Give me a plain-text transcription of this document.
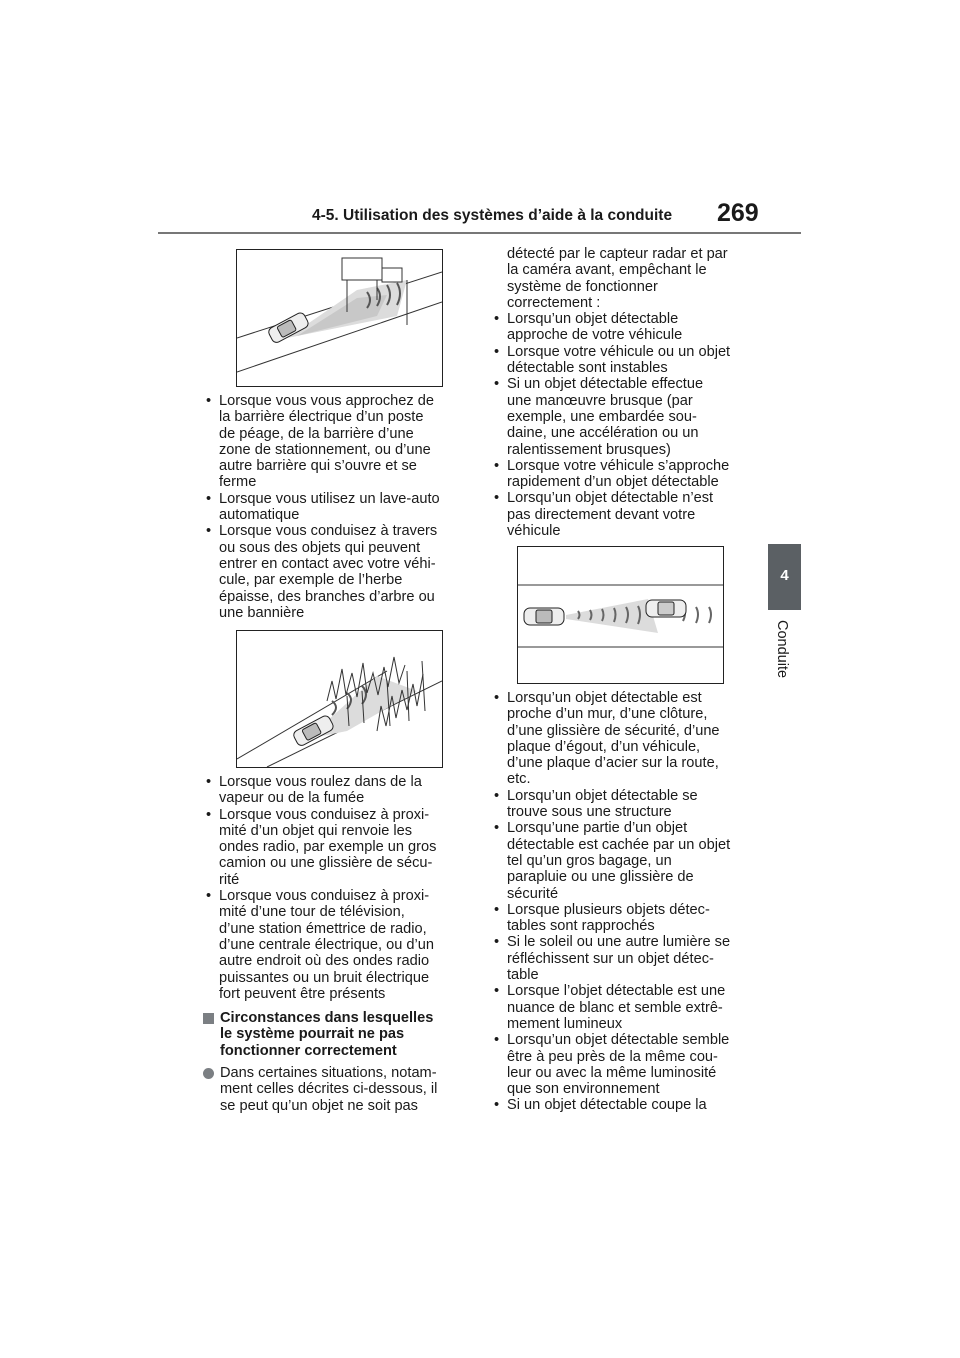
4-5. Utilisation des systèmes d’aide à la conduite 269
4
Conduite
• Lorsque vous vous approchez de
la barrière électrique d’un poste
de péage, de la barrière d’une
zone de stationnement, ou d’une
autre barrière qui s’ouvre et se
ferme
• Lorsque vous utilisez un lave-auto
automatique
• Lorsque vous conduisez à travers
ou sous des objets qui peuvent
entrer en contact avec votre véhi-
cule, par exemple de l’herbe
épaisse, des branches d’arbre ou
une bannière
• Lorsque vous roulez dans de la
vapeur ou de la fumée
• Lorsque vous conduisez à proxi-
mité d’un objet qui renvoie les
ondes radio, par exemple un gros
camion ou une glissière de sécu-
rité
• Lorsque vous conduisez à proxi-
mité d’une tour de télévision,
d’une station émettrice de radio,
d’une centrale électrique, ou d’un
autre endroit où des ondes radio
puissantes ou un bruit électrique
fort peuvent être présents
Circonstances dans lesquelles
le système pourrait ne pas
fonctionner correctement
Dans certaines situations, notam-
ment celles décrites ci-dessous, il
se peut qu’un objet ne soit pas
détecté par le capteur radar et par
la caméra avant, empêchant le
système de fonctionner
correctement :
• Lorsqu’un objet détectable
approche de votre véhicule
• Lorsque votre véhicule ou un objet
détectable sont instables
• Si un objet détectable effectue
une manœuvre brusque (par
exemple, une embardée sou-
daine, une accélération ou un
ralentissement brusques)
• Lorsque votre véhicule s’approche
rapidement d’un objet détectable
• Lorsqu’un objet détectable n’est
pas directement devant votre
véhicule
• Lorsqu’un objet détectable est
proche d’un mur, d’une clôture,
d’une glissière de sécurité, d’une
plaque d’égout, d’un véhicule,
d’une plaque d’acier sur la route,
etc.
• Lorsqu’un objet détectable se
trouve sous une structure
• Lorsqu’une partie d’un objet
détectable est cachée par un objet
tel qu’un gros bagage, un
parapluie ou une glissière de
sécurité
• Lorsque plusieurs objets détec-
tables sont rapprochés
• Si le soleil ou une autre lumière se
réfléchissent sur un objet détec-
table
• Lorsque l’objet détectable est une
nuance de blanc et semble extrê-
mement lumineux
• Lorsqu’un objet détectable semble
être à peu près de la même cou-
leur ou avec la même luminosité
que son environnement
• Si un objet détectable coupe la
